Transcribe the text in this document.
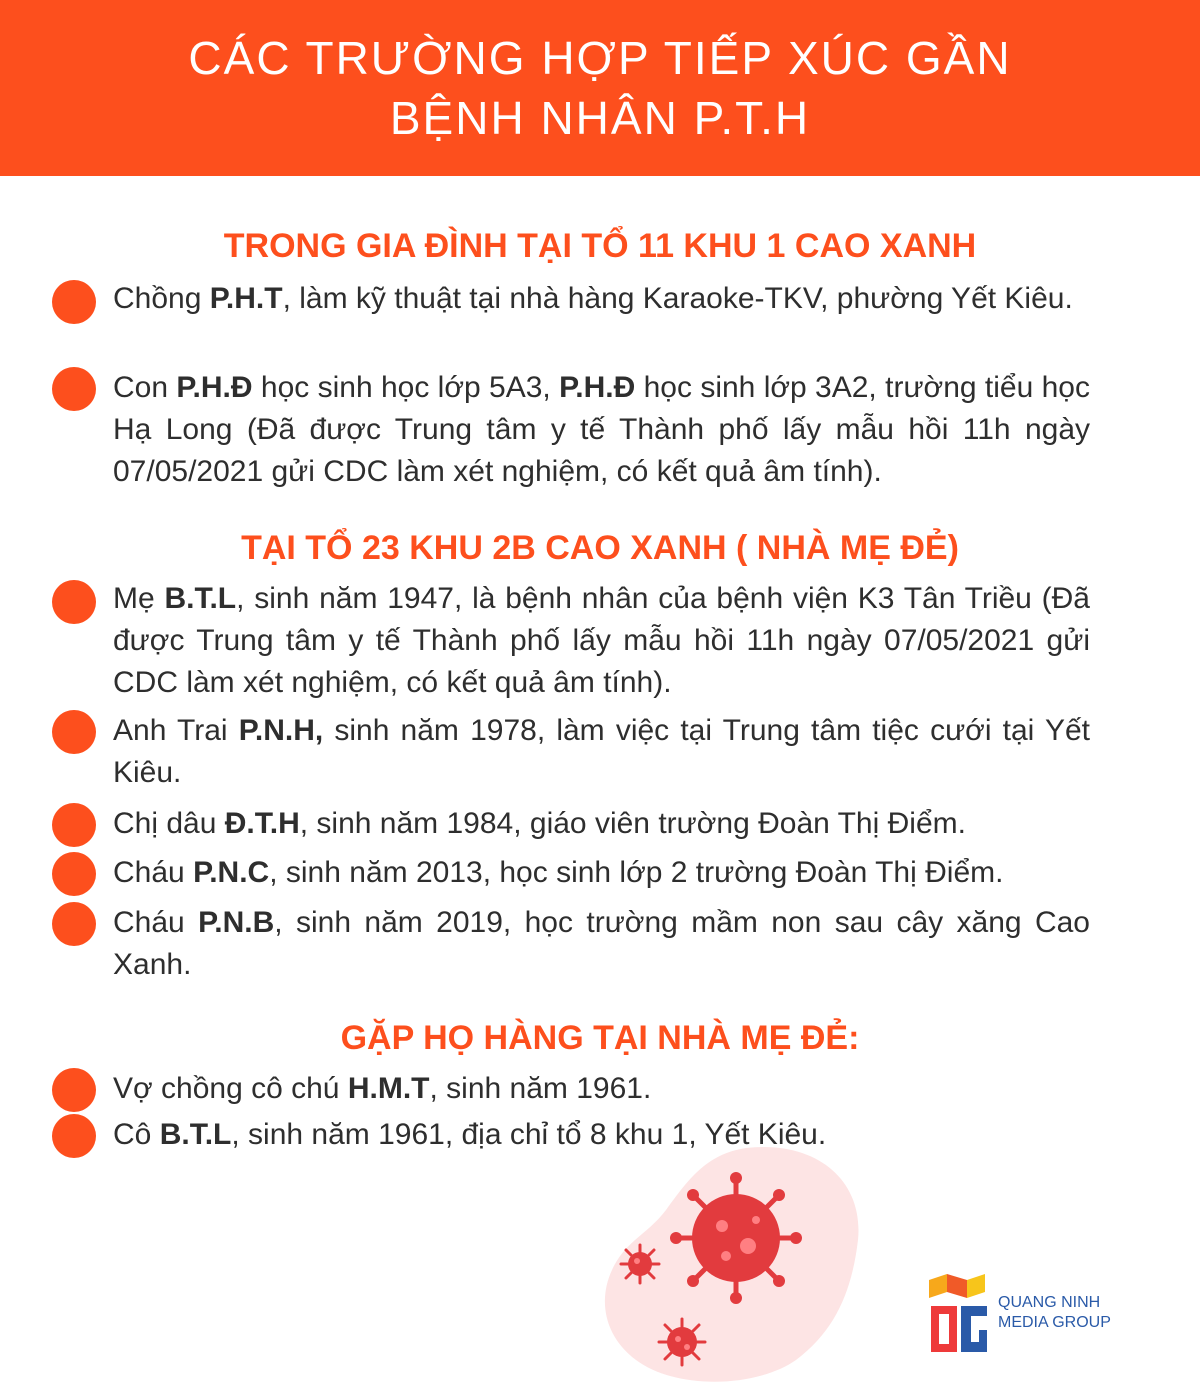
CÁC TRƯỜNG HỢP TIẾP XÚC GẦN
BỆNH NHÂN P.T.H
TRONG GIA ĐÌNH TẠI TỔ 11 KHU 1 CAO XANH
Chồng P.H.T, làm kỹ thuật tại nhà hàng Karaoke-TKV, phường Yết Kiêu.
Con P.H.Đ học sinh học lớp 5A3, P.H.Đ học sinh lớp 3A2, trường tiểu học Hạ Long (Đã được Trung tâm y tế Thành phố lấy mẫu hồi 11h ngày 07/05/2021 gửi CDC làm xét nghiệm, có kết quả âm tính).
TẠI TỔ 23 KHU 2B CAO XANH ( NHÀ MẸ ĐẺ)
Mẹ B.T.L, sinh năm 1947, là bệnh nhân của bệnh viện K3 Tân Triều (Đã được Trung tâm y tế Thành phố lấy mẫu hồi 11h ngày 07/05/2021 gửi CDC làm xét nghiệm, có kết quả âm tính).
Anh Trai P.N.H, sinh năm 1978, làm việc tại Trung tâm tiệc cưới tại Yết Kiêu.
Chị dâu Đ.T.H, sinh năm 1984, giáo viên trường Đoàn Thị Điểm.
Cháu P.N.C, sinh năm 2013, học sinh lớp 2 trường Đoàn Thị Điểm.
Cháu P.N.B, sinh năm 2019, học trường mầm non sau cây xăng Cao Xanh.
GẶP HỌ HÀNG TẠI NHÀ MẸ ĐẺ:
Vợ chồng cô chú H.M.T, sinh năm 1961.
Cô B.T.L, sinh năm 1961, địa chỉ tổ 8 khu 1, Yết Kiêu.
QUANG NINH
MEDIA GROUP
